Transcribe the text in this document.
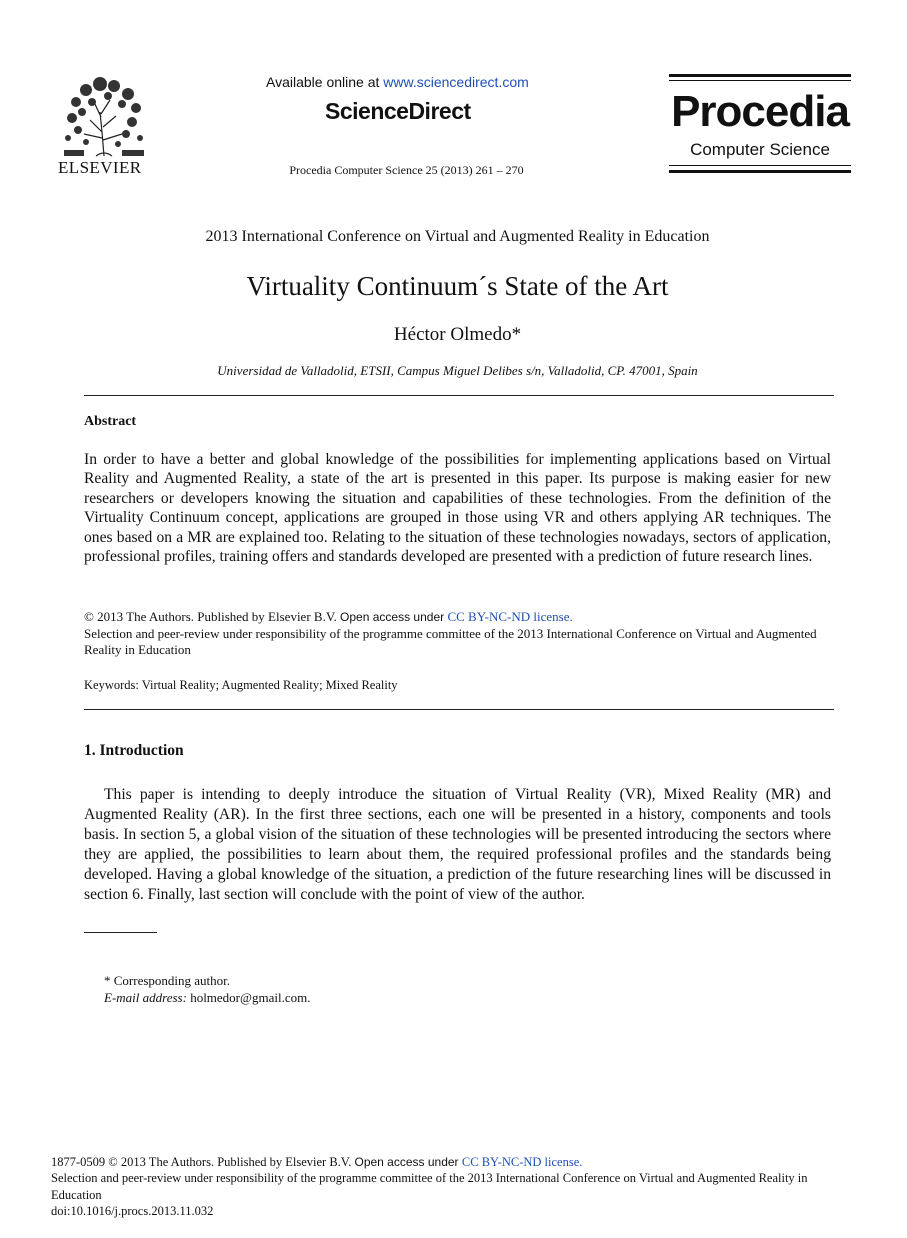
ELSEVIER
Available online at www.sciencedirect.com
ScienceDirect
Procedia Computer Science 25 (2013) 261 – 270
Procedia
Computer Science
2013 International Conference on Virtual and Augmented Reality in Education
Virtuality Continuum´s State of the Art
Héctor Olmedo*
Universidad de Valladolid, ETSII, Campus Miguel Delibes s/n, Valladolid, CP. 47001, Spain
Abstract
In order to have a better and global knowledge of the possibilities for implementing applications based on Virtual Reality and Augmented Reality, a state of the art is presented in this paper. Its purpose is making easier for new researchers or developers knowing the situation and capabilities of these technologies. From the definition of the Virtuality Continuum concept, applications are grouped in those using VR and others applying AR techniques. The ones based on a MR are explained too. Relating to the situation of these technologies nowadays, sectors of application, professional profiles, training offers and standards developed are presented with a prediction of future research lines.
© 2013 The Authors. Published by Elsevier B.V. Open access under CC BY-NC-ND license.
Selection and peer-review under responsibility of the programme committee of the 2013 International Conference on Virtual and Augmented Reality in Education
Keywords: Virtual Reality; Augmented Reality; Mixed Reality
1. Introduction
This paper is intending to deeply introduce the situation of Virtual Reality (VR), Mixed Reality (MR) and Augmented Reality (AR). In the first three sections, each one will be presented in a history, components and tools basis. In section 5, a global vision of the situation of these technologies will be presented introducing the sectors where they are applied, the possibilities to learn about them, the required professional profiles and the standards being developed. Having a global knowledge of the situation, a prediction of the future researching lines will be discussed in section 6. Finally, last section will conclude with the point of view of the author.
* Corresponding author.
E-mail address: holmedor@gmail.com.
1877-0509 © 2013 The Authors. Published by Elsevier B.V. Open access under CC BY-NC-ND license.
Selection and peer-review under responsibility of the programme committee of the 2013 International Conference on Virtual and Augmented Reality in Education
doi:10.1016/j.procs.2013.11.032
